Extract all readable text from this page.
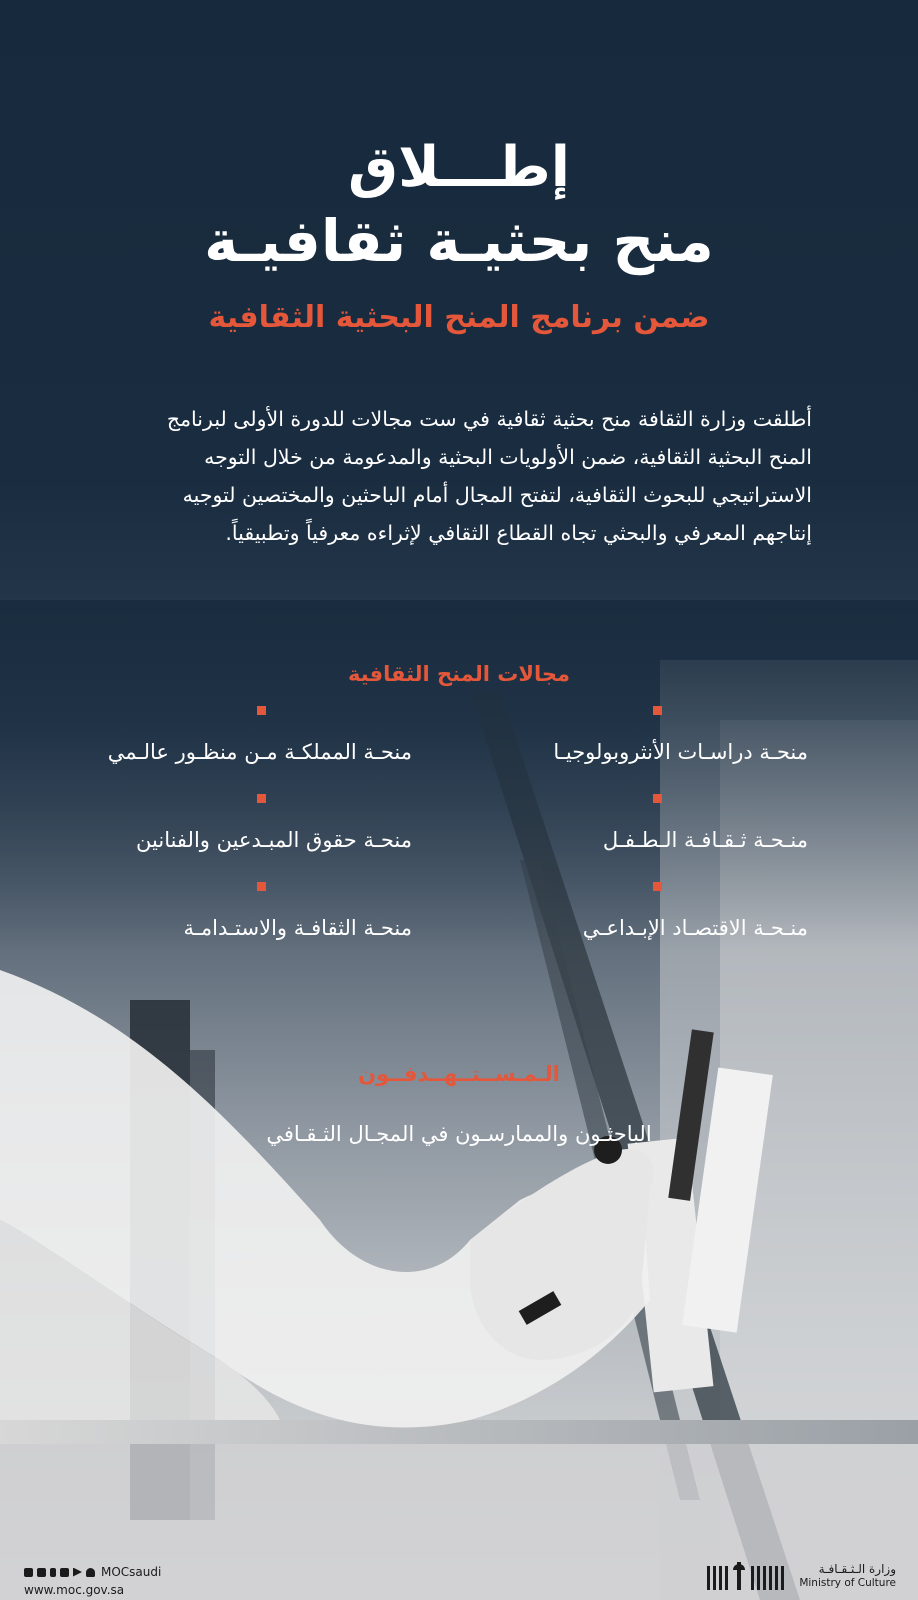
إطـــلاق
منح بحثيـة ثقافيـة
ضمن برنامج المنح البحثية الثقافية
أطلقت وزارة الثقافة منح بحثية ثقافية في ست مجالات للدورة الأولى لبرنامج
المنح البحثية الثقافية، ضمن الأولويات البحثية والمدعومة من خلال التوجه
الاستراتيجي للبحوث الثقافية، لتفتح المجال أمام الباحثين والمختصين لتوجيه
إنتاجهم المعرفي والبحثي تجاه القطاع الثقافي لإثراءه معرفياً وتطبيقياً.
مجالات المنح الثقافية
منحـة دراسـات الأنثروبولوجيـا
منحـة المملكـة مـن منظـور عالـمي
منـحـة ثـقـافـة الـطـفـل
منحـة حقوق المبـدعين والفنانين
منـحـة الاقتصـاد الإبـداعـي
منحـة الثقافـة والاستـدامـة
الـمـســتــهــدفــون
الباحثـون والممارسـون في المجـال الثـقـافي
MOCsaudi
www.moc.gov.sa
وزارة الـثـقـافـة
Ministry of Culture
